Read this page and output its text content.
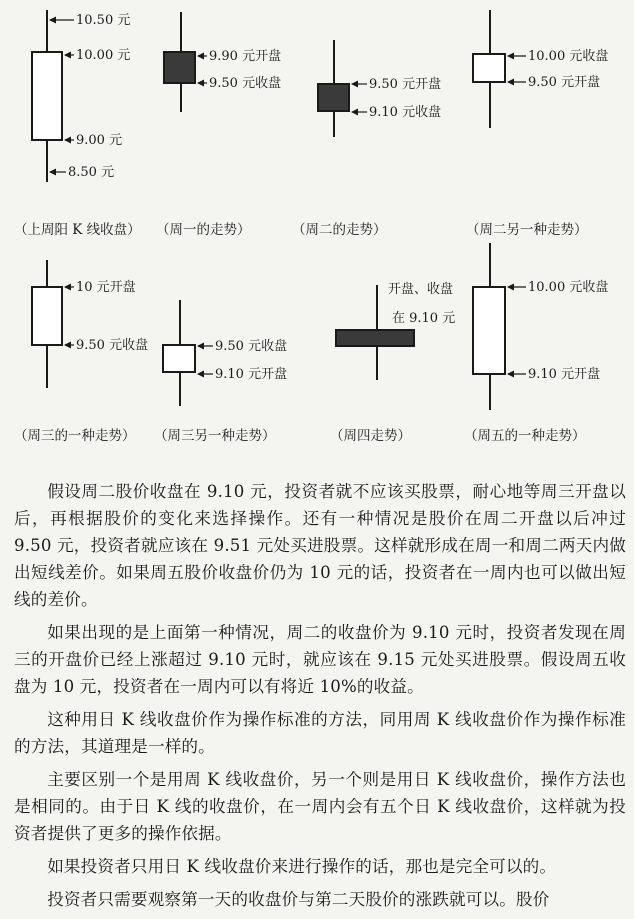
10.50 元
10.00 元
9.00 元
8.50 元
9.90 元开盘
9.50 元收盘	9.50 元开盘
9.10 元收盘
10.00 元收盘
9.50 元开盘
10 元开盘
9.50 元收盘	9.50 元收盘
9.10 元开盘
开盘、收盘
在 9.10 元
10.00 元收盘
9.10 元开盘
（上周阳 K 线收盘） （周一的走势）	（周二的走势）	（周二另一种走势）
（周三的一种走势） （周三另一种走势）	（周四走势）	（周五的一种走势）

假设周二股价收盘在 9.10 元，投资者就不应该买股票，耐心地等周三开盘以后，再根据股价的变化来选择操作。还有一种情况是股价在周二开盘以后冲过 9.50 元，投资者就应该在 9.51 元处买进股票。这样就形成在周一和周二两天内做出短线差价。如果周五股价收盘价仍为 10 元的话，投资者在一周内也可以做出短线的差价。

如果出现的是上面第一种情况，周二的收盘价为 9.10 元时，投资者发现在周三的开盘价已经上涨超过 9.10 元时，就应该在 9.15 元处买进股票。假设周五收盘为 10 元，投资者在一周内可以有将近 10%的收益。

这种用日 K 线收盘价作为操作标准的方法，同用周 K 线收盘价作为操作标准的方法，其道理是一样的。

主要区别一个是用周 K 线收盘价，另一个则是用日 K 线收盘价，操作方法也是相同的。由于日 K 线的收盘价，在一周内会有五个日 K 线收盘价，这样就为投资者提供了更多的操作依据。

如果投资者只用日 K 线收盘价来进行操作的话，那也是完全可以的。

投资者只需要观察第一天的收盘价与第二天股价的涨跌就可以。股价
